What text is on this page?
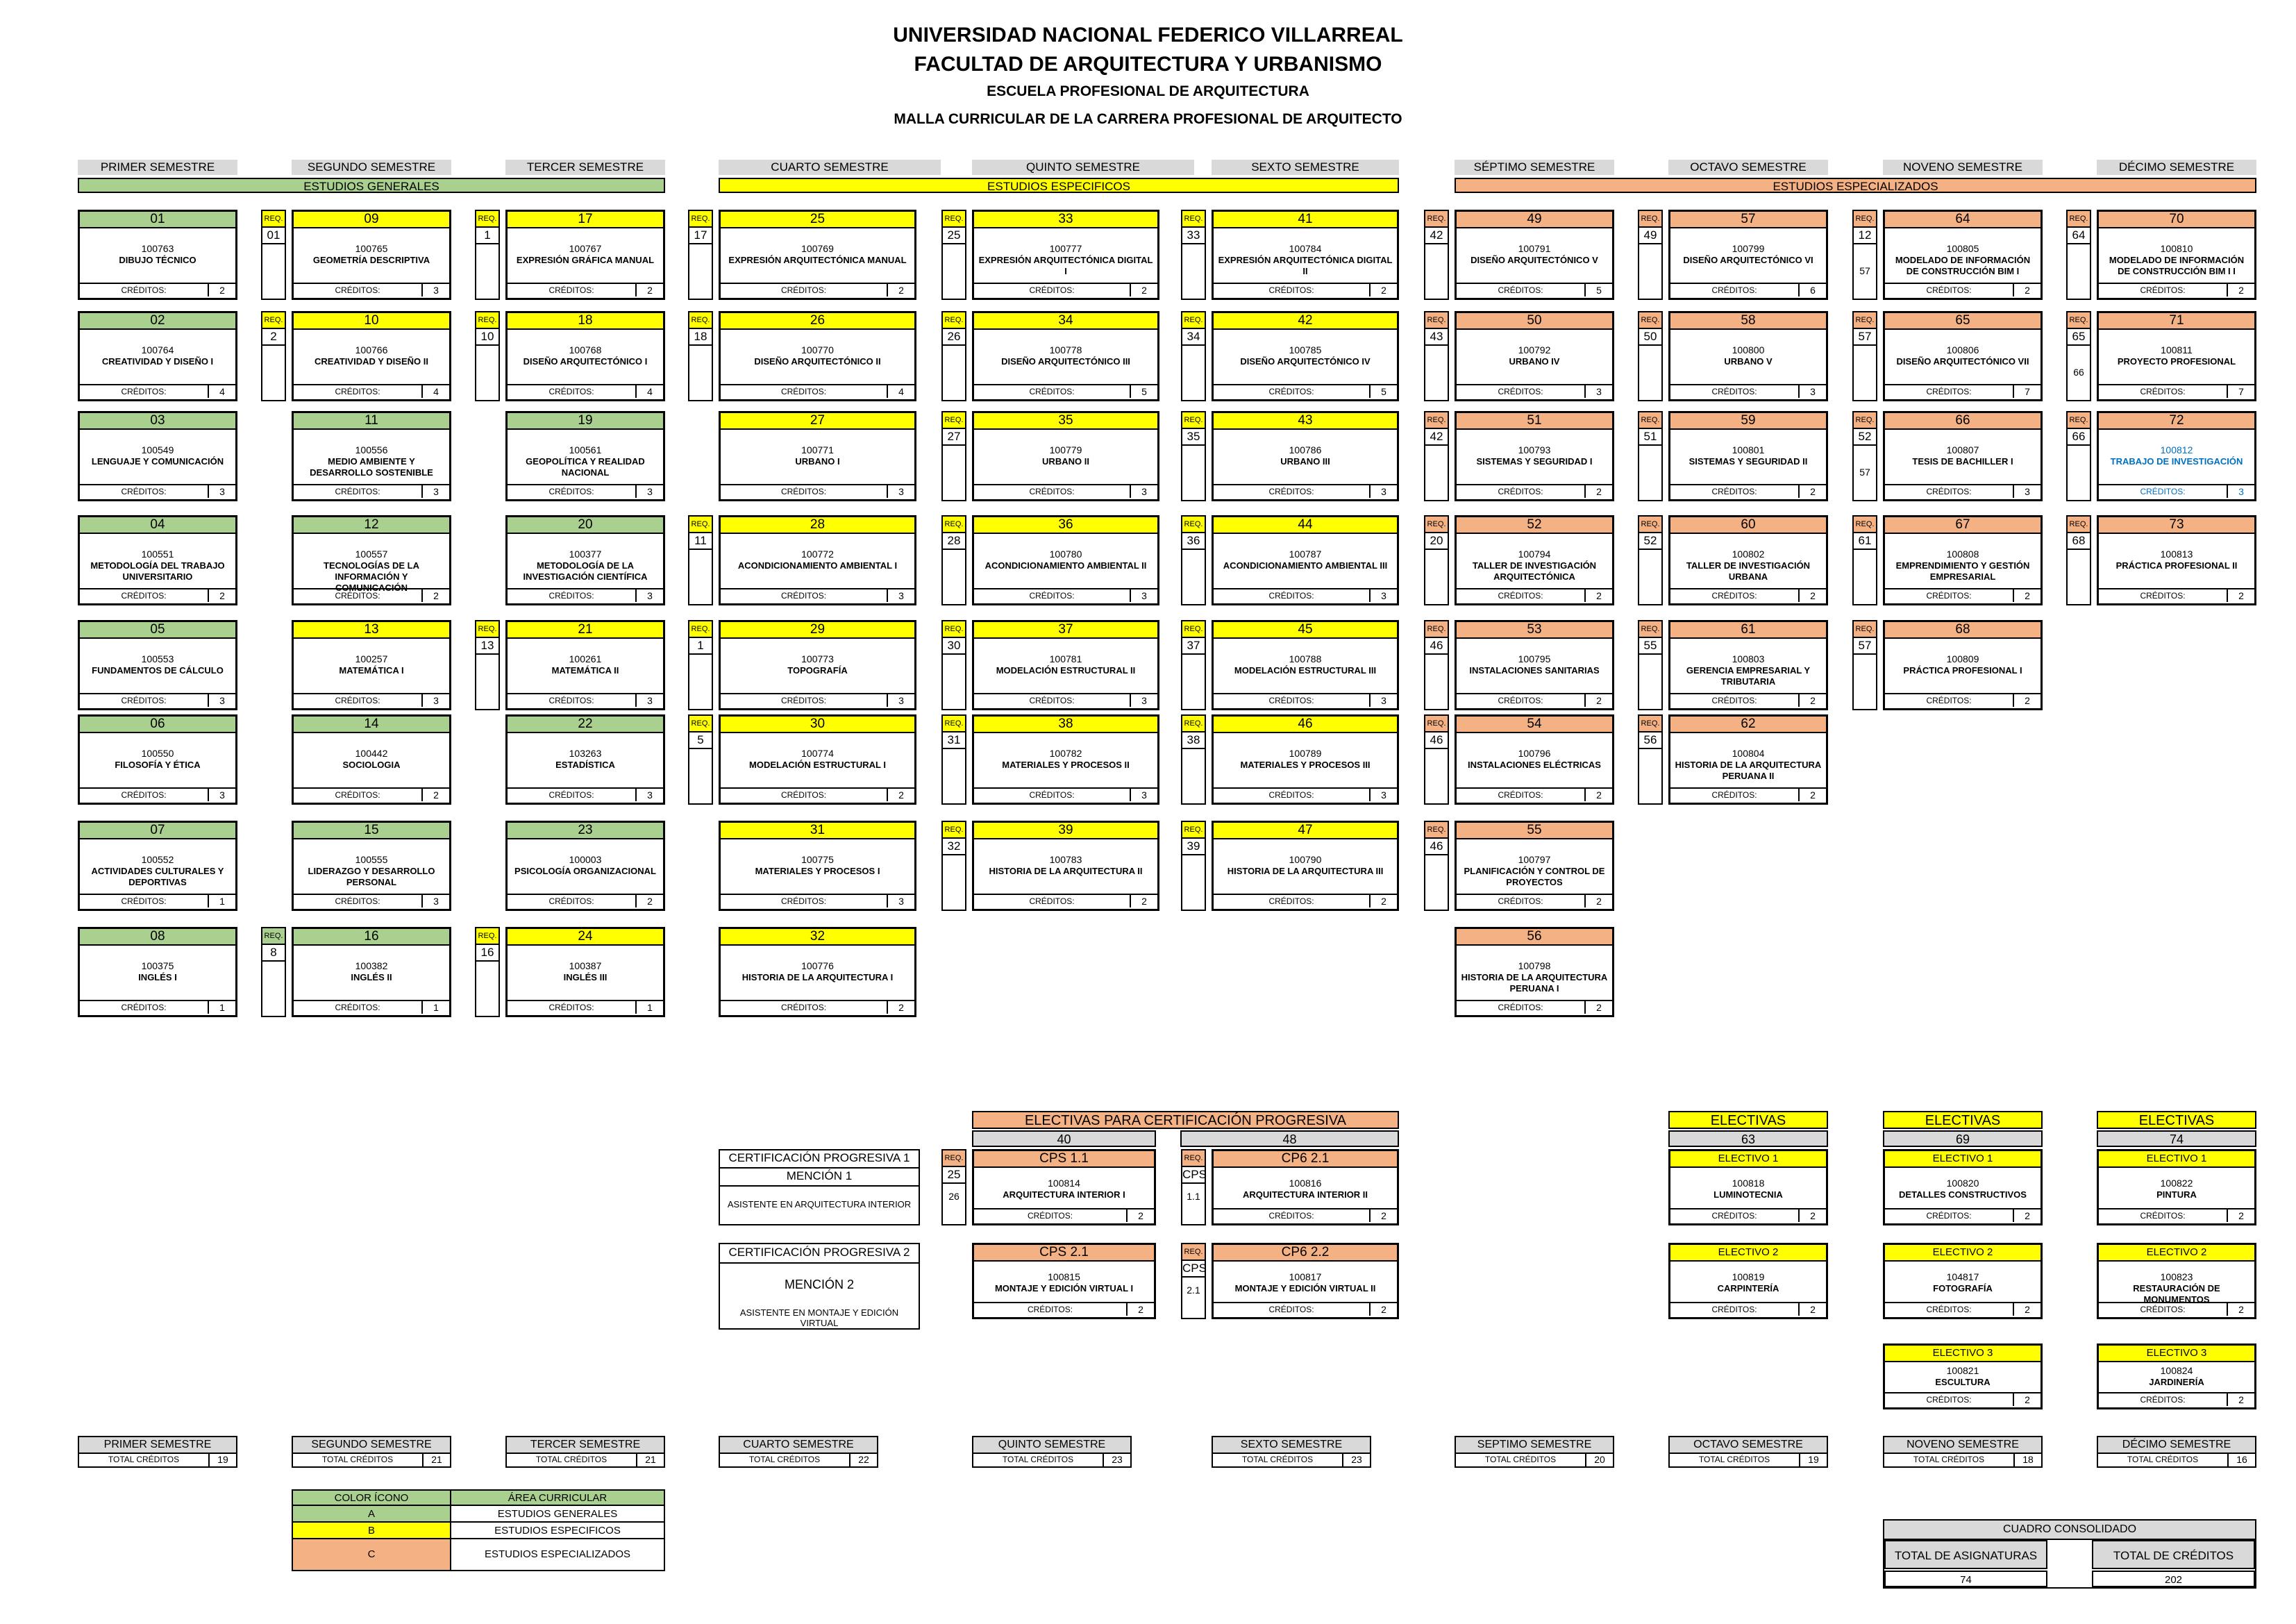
UNIVERSIDAD NACIONAL FEDERICO VILLARREAL
FACULTAD DE ARQUITECTURA Y URBANISMO
ESCUELA PROFESIONAL DE ARQUITECTURA
MALLA CURRICULAR DE LA CARRERA PROFESIONAL DE ARQUITECTO
PRIMER SEMESTRE	SEGUNDO SEMESTRE	TERCER SEMESTRE	CUARTO SEMESTRE	QUINTO SEMESTRE	SEXTO SEMESTRE	SÉPTIMO SEMESTRE	OCTAVO SEMESTRE	NOVENO SEMESTRE	DÉCIMO SEMESTRE
ESTUDIOS GENERALES	ESTUDIOS ESPECIFICOS	ESTUDIOS ESPECIALIZADOS
01
100763
DIBUJO TÉCNICO
CRÉDITOS:	2
REQ.
01
09
100765
GEOMETRÍA DESCRIPTIVA
CRÉDITOS:	3
REQ.
1
17
100767
EXPRESIÓN GRÁFICA MANUAL
CRÉDITOS:	2
REQ.
17
25
100769
EXPRESIÓN ARQUITECTÓNICA MANUAL
CRÉDITOS:	2
REQ.
25
33
100777
EXPRESIÓN ARQUITECTÓNICA DIGITAL I
CRÉDITOS:	2
REQ.
33
41
100784
EXPRESIÓN ARQUITECTÓNICA DIGITAL II
CRÉDITOS:	2
REQ.
42
49
100791
DISEÑO ARQUITECTÓNICO V
CRÉDITOS:	5
REQ.
49
57
100799
DISEÑO ARQUITECTÓNICO VI
CRÉDITOS:	6
REQ.
12
57
64
100805
MODELADO DE INFORMACIÓN DE CONSTRUCCIÓN BIM I
CRÉDITOS:	2
REQ.
64
70
100810
MODELADO DE INFORMACIÓN DE CONSTRUCCIÓN BIM I I
CRÉDITOS:	2
02
100764
CREATIVIDAD Y DISEÑO I
CRÉDITOS:	4
REQ.
2
10
100766
CREATIVIDAD Y DISEÑO II
CRÉDITOS:	4
REQ.
10
18
100768
DISEÑO ARQUITECTÓNICO I
CRÉDITOS:	4
REQ.
18
26
100770
DISEÑO ARQUITECTÓNICO II
CRÉDITOS:	4
REQ.
26
34
100778
DISEÑO ARQUITECTÓNICO III
CRÉDITOS:	5
REQ.
34
42
100785
DISEÑO ARQUITECTÓNICO IV
CRÉDITOS:	5
REQ.
43
50
100792
URBANO IV
CRÉDITOS:	3
REQ.
50
58
100800
URBANO V
CRÉDITOS:	3
REQ.
57
65
100806
DISEÑO ARQUITECTÓNICO VII
CRÉDITOS:	7
REQ.
65
66
71
100811
PROYECTO PROFESIONAL
CRÉDITOS:	7
03
100549
LENGUAJE Y COMUNICACIÓN
CRÉDITOS:	3
11
100556
MEDIO AMBIENTE Y DESARROLLO SOSTENIBLE
CRÉDITOS:	3
19
100561
GEOPOLÍTICA Y REALIDAD NACIONAL
CRÉDITOS:	3
27
100771
URBANO I
CRÉDITOS:	3
REQ.
27
35
100779
URBANO II
CRÉDITOS:	3
REQ.
35
43
100786
URBANO III
CRÉDITOS:	3
REQ.
42
51
100793
SISTEMAS Y SEGURIDAD I
CRÉDITOS:	2
REQ.
51
59
100801
SISTEMAS Y SEGURIDAD II
CRÉDITOS:	2
REQ.
52
57
66
100807
TESIS DE BACHILLER I
CRÉDITOS:	3
REQ.
66
72
100812
TRABAJO DE INVESTIGACIÓN
CRÉDITOS:	3
04
100551
METODOLOGÍA DEL TRABAJO UNIVERSITARIO
CRÉDITOS:	2
12
100557
TECNOLOGÍAS DE LA INFORMACIÓN Y COMUNICACIÓN
CRÉDITOS:	2
20
100377
METODOLOGÍA DE LA INVESTIGACIÓN CIENTÍFICA
CRÉDITOS:	3
REQ.
11
28
100772
ACONDICIONAMIENTO AMBIENTAL I
CRÉDITOS:	3
REQ.
28
36
100780
ACONDICIONAMIENTO AMBIENTAL II
CRÉDITOS:	3
REQ.
36
44
100787
ACONDICIONAMIENTO AMBIENTAL III
CRÉDITOS:	3
REQ.
20
52
100794
TALLER DE INVESTIGACIÓN ARQUITECTÓNICA
CRÉDITOS:	2
REQ.
52
60
100802
TALLER DE INVESTIGACIÓN URBANA
CRÉDITOS:	2
REQ.
61
67
100808
EMPRENDIMIENTO Y GESTIÓN EMPRESARIAL
CRÉDITOS:	2
REQ.
68
73
100813
PRÁCTICA PROFESIONAL II
CRÉDITOS:	2
05
100553
FUNDAMENTOS DE CÁLCULO
CRÉDITOS:	3
13
100257
MATEMÁTICA I
CRÉDITOS:	3
REQ.
13
21
100261
MATEMÁTICA II
CRÉDITOS:	3
REQ.
1
29
100773
TOPOGRAFÍA
CRÉDITOS:	3
REQ.
30
37
100781
MODELACIÓN ESTRUCTURAL II
CRÉDITOS:	3
REQ.
37
45
100788
MODELACIÓN ESTRUCTURAL III
CRÉDITOS:	3
REQ.
46
53
100795
INSTALACIONES SANITARIAS
CRÉDITOS:	2
REQ.
55
61
100803
GERENCIA EMPRESARIAL Y TRIBUTARIA
CRÉDITOS:	2
REQ.
57
68
100809
PRÁCTICA PROFESIONAL I
CRÉDITOS:	2
06
100550
FILOSOFÍA Y ÉTICA
CRÉDITOS:	3
14
100442
SOCIOLOGIA
CRÉDITOS:	2
22
103263
ESTADÍSTICA
CRÉDITOS:	3
REQ.
5
30
100774
MODELACIÓN ESTRUCTURAL I
CRÉDITOS:	2
REQ.
31
38
100782
MATERIALES Y PROCESOS II
CRÉDITOS:	3
REQ.
38
46
100789
MATERIALES Y PROCESOS III
CRÉDITOS:	3
REQ.
46
54
100796
INSTALACIONES ELÉCTRICAS
CRÉDITOS:	2
REQ.
56
62
100804
HISTORIA DE LA ARQUITECTURA PERUANA II
CRÉDITOS:	2
07
100552
ACTIVIDADES CULTURALES Y DEPORTIVAS
CRÉDITOS:	1
15
100555
LIDERAZGO Y DESARROLLO PERSONAL
CRÉDITOS:	3
23
100003
PSICOLOGÍA ORGANIZACIONAL
CRÉDITOS:	2
31
100775
MATERIALES Y PROCESOS I
CRÉDITOS:	3
REQ.
32
39
100783
HISTORIA DE LA ARQUITECTURA II
CRÉDITOS:	2
REQ.
39
47
100790
HISTORIA DE LA ARQUITECTURA III
CRÉDITOS:	2
REQ.
46
55
100797
PLANIFICACIÓN Y CONTROL DE PROYECTOS
CRÉDITOS:	2
08
100375
INGLÉS I
CRÉDITOS:	1
REQ.
8
16
100382
INGLÉS II
CRÉDITOS:	1
REQ.
16
24
100387
INGLÉS III
CRÉDITOS:	1
32
100776
HISTORIA DE LA ARQUITECTURA I
CRÉDITOS:	2
56
100798
HISTORIA DE LA ARQUITECTURA PERUANA I
CRÉDITOS:	2
ELECTIVAS PARA CERTIFICACIÓN PROGRESIVA
40	48
CERTIFICACIÓN PROGRESIVA 1
MENCIÓN 1
ASISTENTE EN ARQUITECTURA INTERIOR
CERTIFICACIÓN PROGRESIVA 2
MENCIÓN 2
ASISTENTE EN MONTAJE Y EDICIÓN VIRTUAL
REQ.
25
26
CPS 1.1
100814
ARQUITECTURA INTERIOR I
CRÉDITOS:	2
CPS 2.1
100815
MONTAJE Y EDICIÓN VIRTUAL I
CRÉDITOS:	2
REQ.
CPS
1.1
CP6 2.1
100816
ARQUITECTURA INTERIOR II
CRÉDITOS:	2
REQ.
CPS
2.1
CP6 2.2
100817
MONTAJE Y EDICIÓN VIRTUAL II
CRÉDITOS:	2
ELECTIVAS
63
ELECTIVO 1
100818
LUMINOTECNIA
CRÉDITOS:	2
ELECTIVO 2
100819
CARPINTERÍA
CRÉDITOS:	2
ELECTIVAS
69
ELECTIVO 1
100820
DETALLES CONSTRUCTIVOS
CRÉDITOS:	2
ELECTIVO 2
104817
FOTOGRAFÍA
CRÉDITOS:	2
ELECTIVO 3
100821
ESCULTURA
CRÉDITOS:	2
ELECTIVAS
74
ELECTIVO 1
100822
PINTURA
CRÉDITOS:	2
ELECTIVO 2
100823
RESTAURACIÓN DE MONUMENTOS
CRÉDITOS:	2
ELECTIVO 3
100824
JARDINERÍA
CRÉDITOS:	2
PRIMER SEMESTRE
TOTAL CRÉDITOS	19
SEGUNDO SEMESTRE
TOTAL CRÉDITOS	21
TERCER SEMESTRE
TOTAL CRÉDITOS	21
CUARTO SEMESTRE
TOTAL CRÉDITOS	22
QUINTO SEMESTRE
TOTAL CRÉDITOS	23
SEXTO SEMESTRE
TOTAL CRÉDITOS	23
SEPTIMO SEMESTRE
TOTAL CRÉDITOS	20
OCTAVO SEMESTRE
TOTAL CRÉDITOS	19
NOVENO SEMESTRE
TOTAL CRÉDITOS	18
DÉCIMO SEMESTRE
TOTAL CRÉDITOS	16
COLOR ÍCONO	ÁREA CURRICULAR
A	ESTUDIOS GENERALES
B	ESTUDIOS ESPECIFICOS
C	ESTUDIOS ESPECIALIZADOS
CUADRO CONSOLIDADO
TOTAL DE ASIGNATURAS	TOTAL DE CRÉDITOS
74	202
